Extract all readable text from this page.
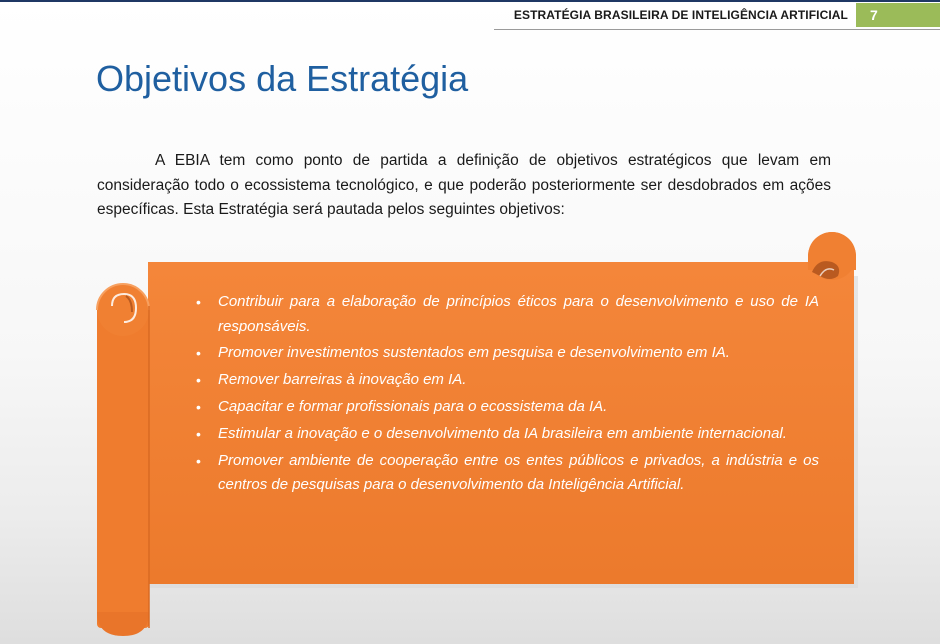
ESTRATÉGIA BRASILEIRA DE INTELIGÊNCIA ARTIFICIAL	7
Objetivos da Estratégia

A EBIA tem como ponto de partida a definição de objetivos estratégicos que levam em consideração todo o ecossistema tecnológico, e que poderão posteriormente ser desdobrados em ações específicas. Esta Estratégia será pautada pelos seguintes objetivos:

• Contribuir para a elaboração de princípios éticos para o desenvolvimento e uso de IA responsáveis.
• Promover investimentos sustentados em pesquisa e desenvolvimento em IA.
• Remover barreiras à inovação em IA.
• Capacitar e formar profissionais para o ecossistema da IA.
• Estimular a inovação e o desenvolvimento da IA brasileira em ambiente internacional.
• Promover ambiente de cooperação entre os entes públicos e privados, a indústria e os centros de pesquisas para o desenvolvimento da Inteligência Artificial.
